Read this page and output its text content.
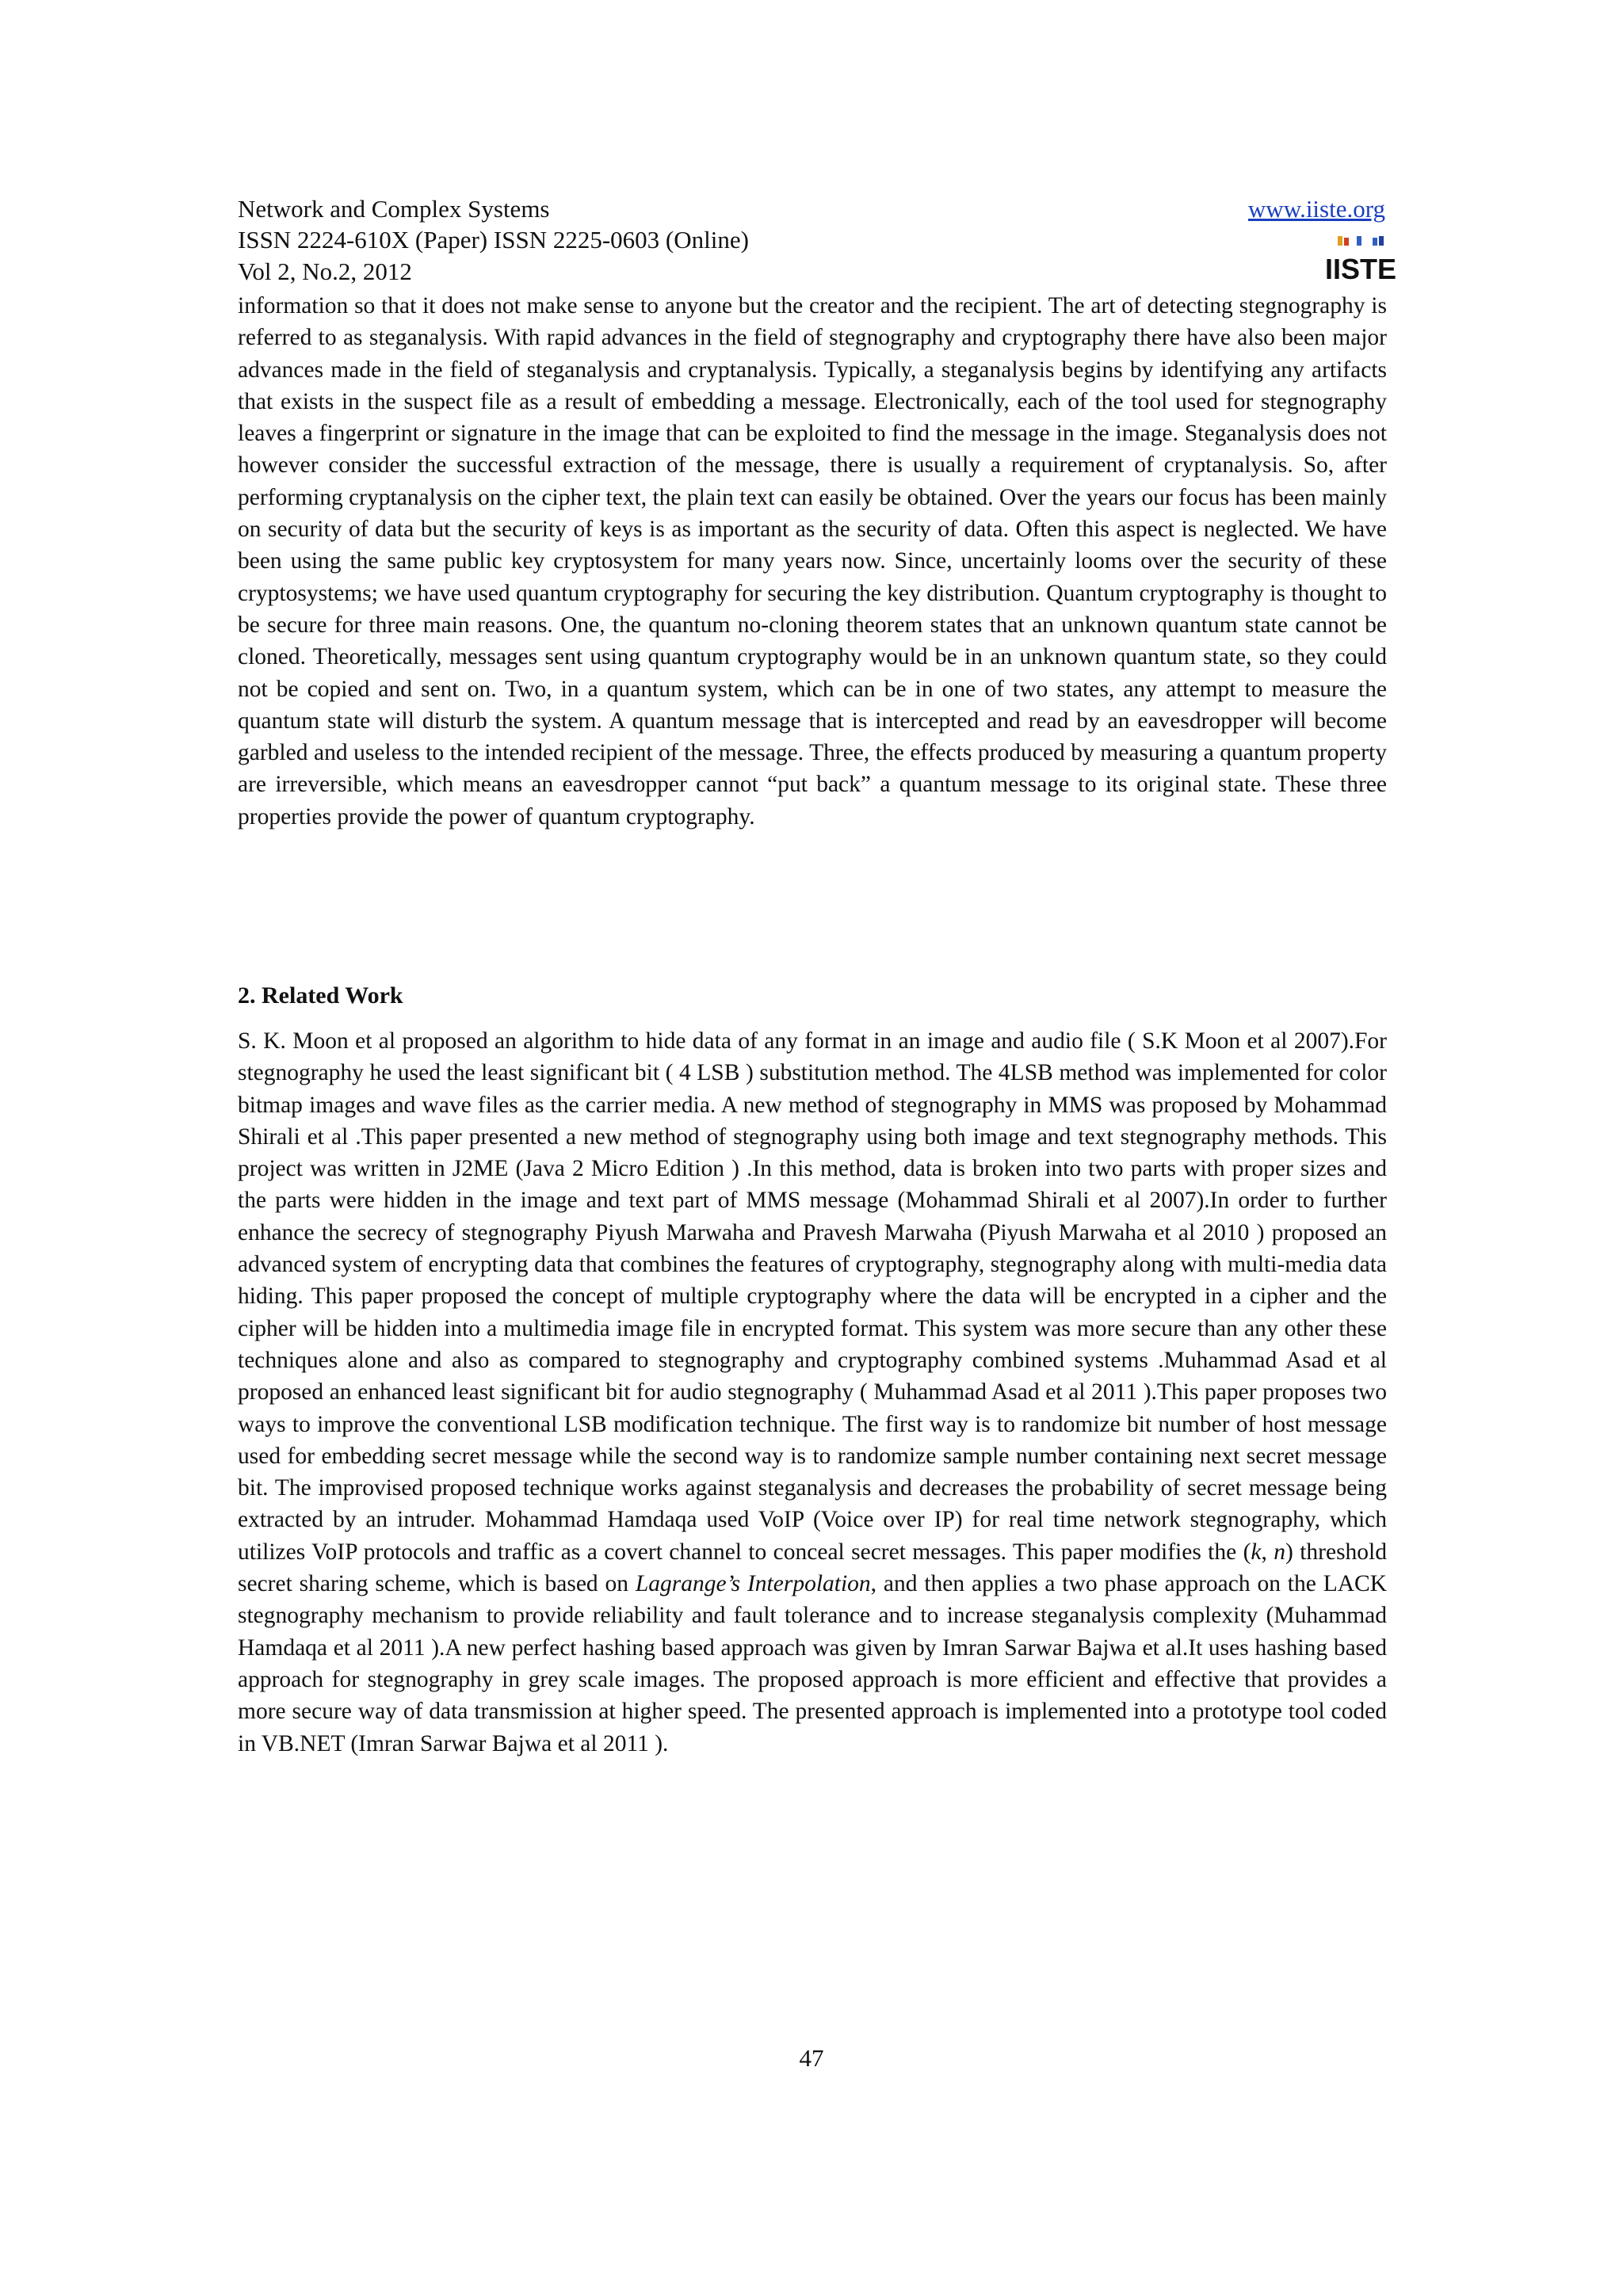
Network and Complex Systems
ISSN 2224-610X (Paper) ISSN 2225-0603 (Online)
Vol 2, No.2, 2012
www.iiste.org
IISTE
information so that it does not make sense to anyone but the creator and the recipient. The art of detecting stegnography is referred to as steganalysis. With rapid advances in the field of stegnography and cryptography there have also been major advances made in the field of steganalysis and cryptanalysis. Typically, a steganalysis begins by identifying any artifacts that exists in the suspect file as a result of embedding a message. Electronically, each of the tool used for stegnography leaves a fingerprint or signature in the image that can be exploited to find the message in the image. Steganalysis does not however consider the successful extraction of the message, there is usually a requirement of cryptanalysis. So, after performing cryptanalysis on the cipher text, the plain text can easily be obtained. Over the years our focus has been mainly on security of data but the security of keys is as important as the security of data. Often this aspect is neglected. We have been using the same public key cryptosystem for many years now. Since, uncertainly looms over the security of these cryptosystems; we have used quantum cryptography for securing the key distribution. Quantum cryptography is thought to be secure for three main reasons. One, the quantum no-cloning theorem states that an unknown quantum state cannot be cloned. Theoretically, messages sent using quantum cryptography would be in an unknown quantum state, so they could not be copied and sent on. Two, in a quantum system, which can be in one of two states, any attempt to measure the quantum state will disturb the system. A quantum message that is intercepted and read by an eavesdropper will become garbled and useless to the intended recipient of the message. Three, the effects produced by measuring a quantum property are irreversible, which means an eavesdropper cannot “put back” a quantum message to its original state. These three properties provide the power of quantum cryptography.
2. Related Work
S. K. Moon et al proposed an algorithm to hide data of any format in an image and audio file ( S.K Moon et al 2007).For stegnography he used the least significant bit ( 4 LSB ) substitution method. The 4LSB method was implemented for color bitmap images and wave files as the carrier media. A new method of stegnography in MMS was proposed by Mohammad Shirali et al .This paper presented a new method of stegnography using both image and text stegnography methods. This project was written in J2ME (Java 2 Micro Edition ) .In this method, data is broken into two parts with proper sizes and the parts were hidden in the image and text part of MMS message (Mohammad Shirali et al 2007).In order to further enhance the secrecy of stegnography Piyush Marwaha and Pravesh Marwaha (Piyush Marwaha et al 2010 ) proposed an advanced system of encrypting data that combines the features of cryptography, stegnography along with multi-media data hiding. This paper proposed the concept of multiple cryptography where the data will be encrypted in a cipher and the cipher will be hidden into a multimedia image file in encrypted format. This system was more secure than any other these techniques alone and also as compared to stegnography and cryptography combined systems .Muhammad Asad et al proposed an enhanced least significant bit for audio stegnography ( Muhammad Asad et al 2011 ).This paper proposes two ways to improve the conventional LSB modification technique. The first way is to randomize bit number of host message used for embedding secret message while the second way is to randomize sample number containing next secret message bit. The improvised proposed technique works against steganalysis and decreases the probability of secret message being extracted by an intruder. Mohammad Hamdaqa used VoIP (Voice over IP) for real time network stegnography, which utilizes VoIP protocols and traffic as a covert channel to conceal secret messages. This paper modifies the (k, n) threshold secret sharing scheme, which is based on Lagrange’s Interpolation, and then applies a two phase approach on the LACK stegnography mechanism to provide reliability and fault tolerance and to increase steganalysis complexity (Muhammad Hamdaqa et al 2011 ).A new perfect hashing based approach was given by Imran Sarwar Bajwa et al.It uses hashing based approach for stegnography in grey scale images. The proposed approach is more efficient and effective that provides a more secure way of data transmission at higher speed. The presented approach is implemented into a prototype tool coded in VB.NET (Imran Sarwar Bajwa et al 2011 ).
47
